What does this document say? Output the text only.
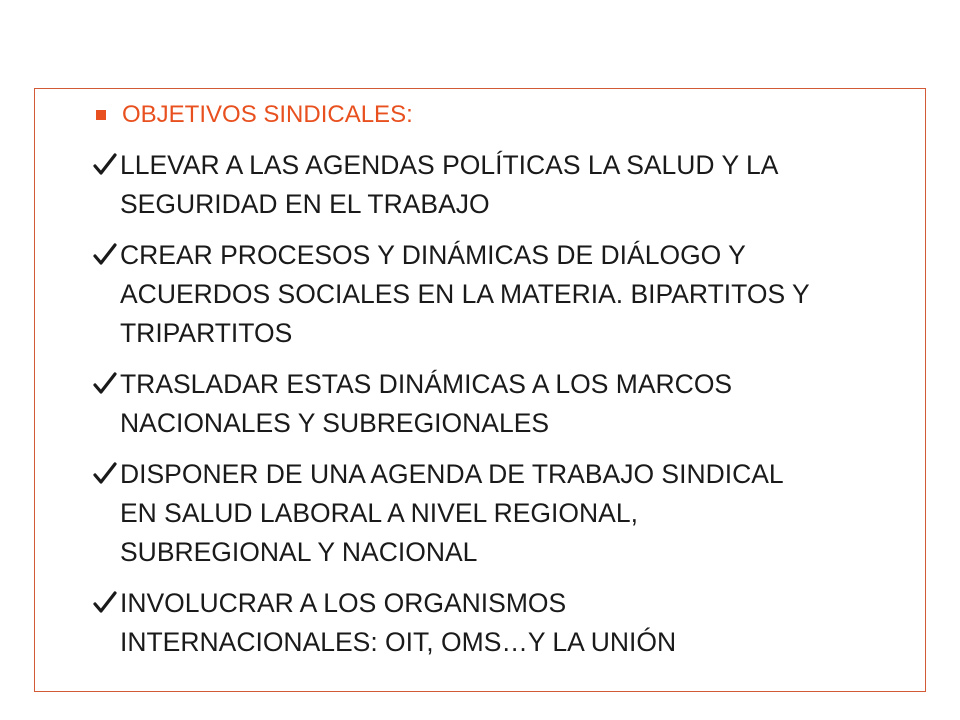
OBJETIVOS SINDICALES:
LLEVAR A LAS AGENDAS POLÍTICAS LA SALUD Y LA
SEGURIDAD EN EL TRABAJO
CREAR PROCESOS Y DINÁMICAS DE DIÁLOGO Y
ACUERDOS SOCIALES EN LA MATERIA. BIPARTITOS Y
TRIPARTITOS
TRASLADAR ESTAS DINÁMICAS A LOS MARCOS
NACIONALES Y SUBREGIONALES
DISPONER DE UNA AGENDA DE TRABAJO SINDICAL
EN SALUD LABORAL A NIVEL REGIONAL,
SUBREGIONAL Y NACIONAL
INVOLUCRAR A LOS ORGANISMOS
INTERNACIONALES: OIT, OMS…Y LA UNIÓN
